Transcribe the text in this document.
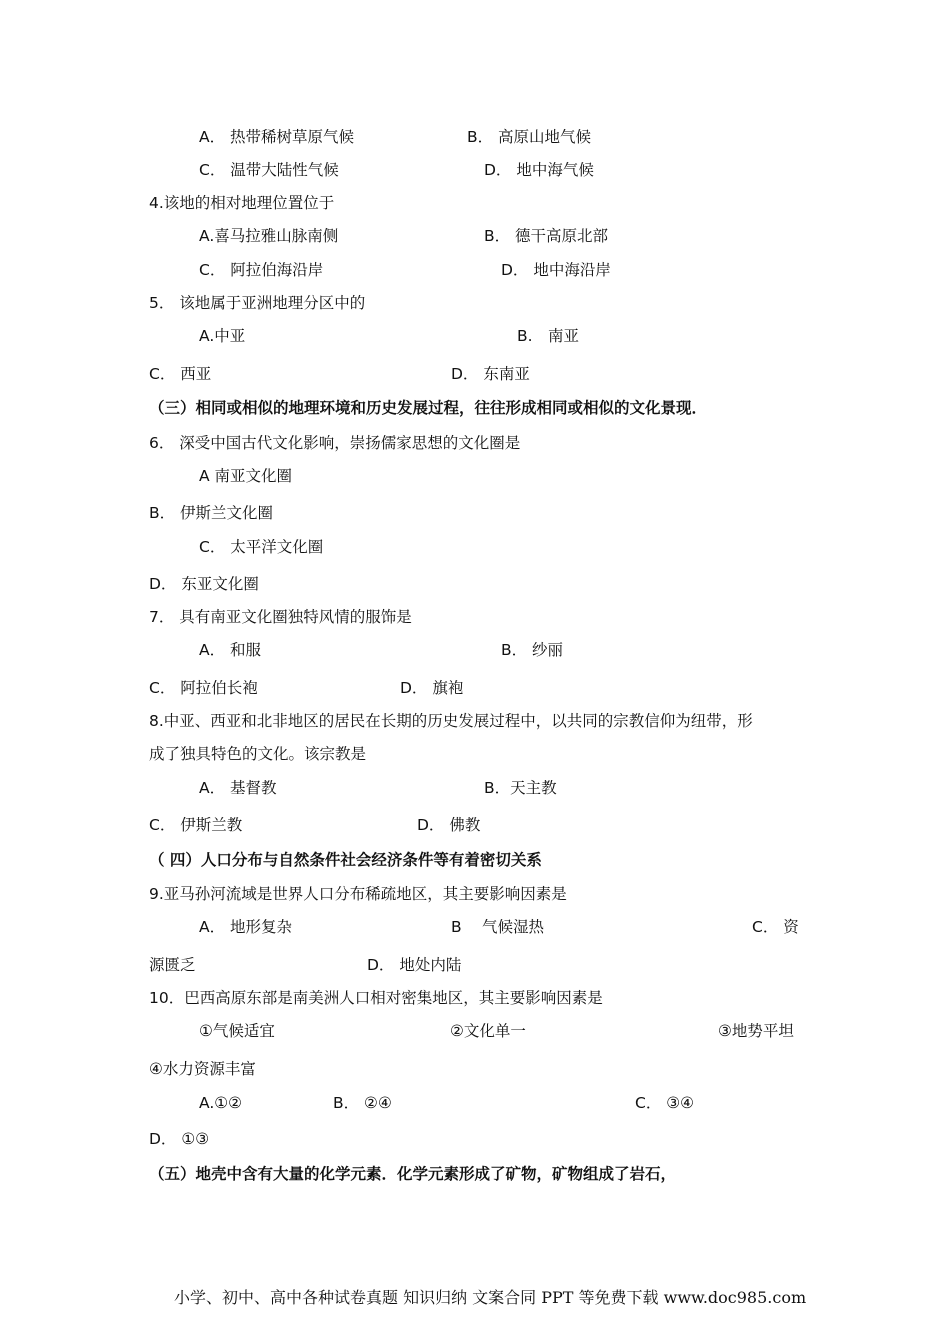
A． 热带稀树草原气候	B． 高原山地气候
C． 温带大陆性气候	D． 地中海气候
4.该地的相对地理位置位于
A.喜马拉雅山脉南侧	B． 德干高原北部
C． 阿拉伯海沿岸	D． 地中海沿岸
5． 该地属于亚洲地理分区中的
A.中亚	B.　南亚
C． 西亚	D． 东南亚
（三）相同或相似的地理环境和历史发展过程，往往形成相同或相似的文化景现．
6． 深受中国古代文化影响，崇扬儒家思想的文化圈是
A 南亚文化圈
B． 伊斯兰文化圈
C． 太平洋文化圈
D． 东亚文化圈
7． 具有南亚文化圈独特风情的服饰是
A． 和服	B． 纱丽
C． 阿拉伯长袍	D． 旗袍
8.中亚、西亚和北非地区的居民在长期的历史发展过程中，以共同的宗教信仰为纽带，形
成了独具特色的文化。该宗教是
A． 基督教	B．天主教
C． 伊斯兰教	D． 佛教
（ 四）人口分布与自然条件社会经济条件等有着密切关系
9.亚马孙河流域是世界人口分布稀疏地区，其主要影响因素是
A． 地形复杂	B　 气候湿热	C． 资
源匮乏	D． 地处内陆
10．巴西高原东部是南美洲人口相对密集地区，其主要影响因素是
①气候适宜	②文化单一	③地势平坦
④水力资源丰富
A.①②	B． ②④	C． ③④
D． ①③
（五）地壳中含有大量的化学元素．化学元素形成了矿物，矿物组成了岩石，
小学、初中、高中各种试卷真题 知识归纳 文案合同 PPT 等免费下载 www.doc985.com
